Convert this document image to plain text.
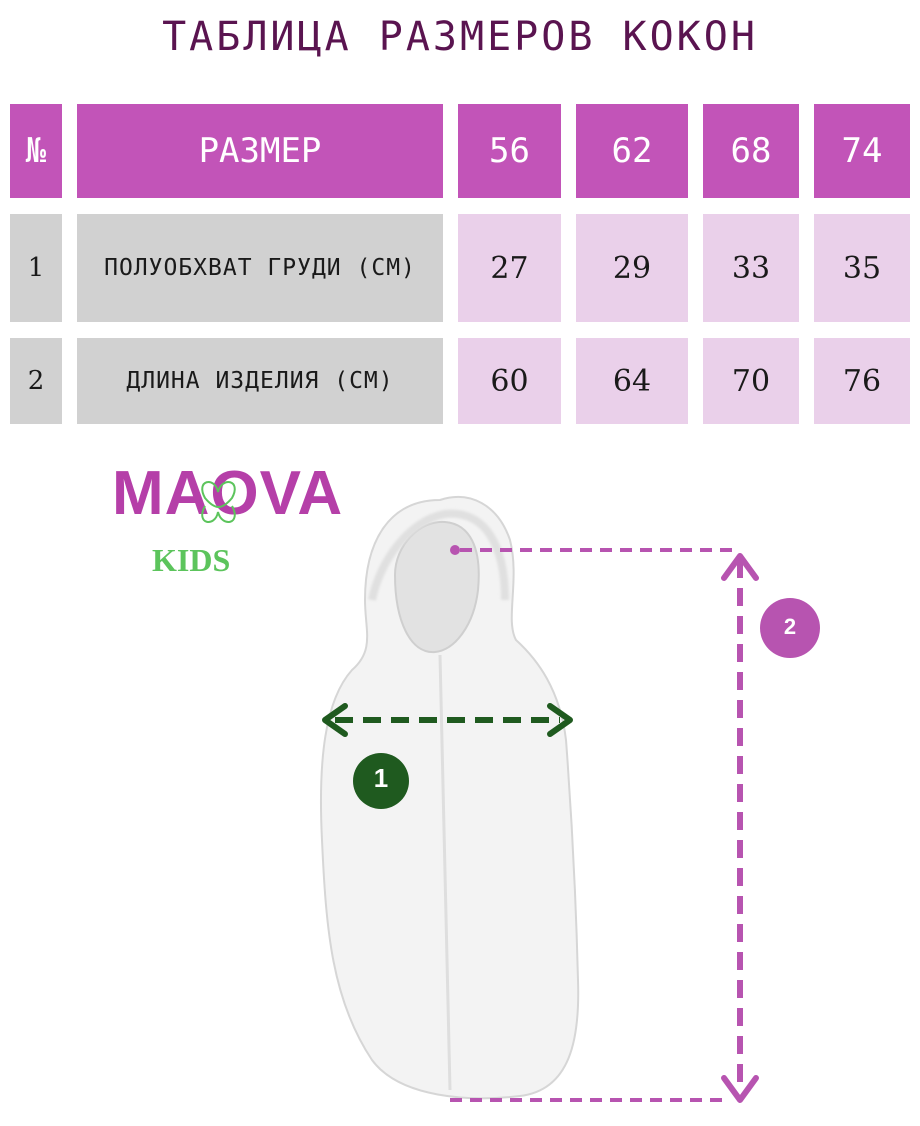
ТАБЛИЦА РАЗМЕРОВ КОКОН
№	РАЗМЕР	56	62	68	74
1	ПОЛУОБХВАТ ГРУДИ (СМ)	27	29	33	35
2	ДЛИНА ИЗДЕЛИЯ (СМ)	60	64	70	76
MAOVA
KIDS
1
2
